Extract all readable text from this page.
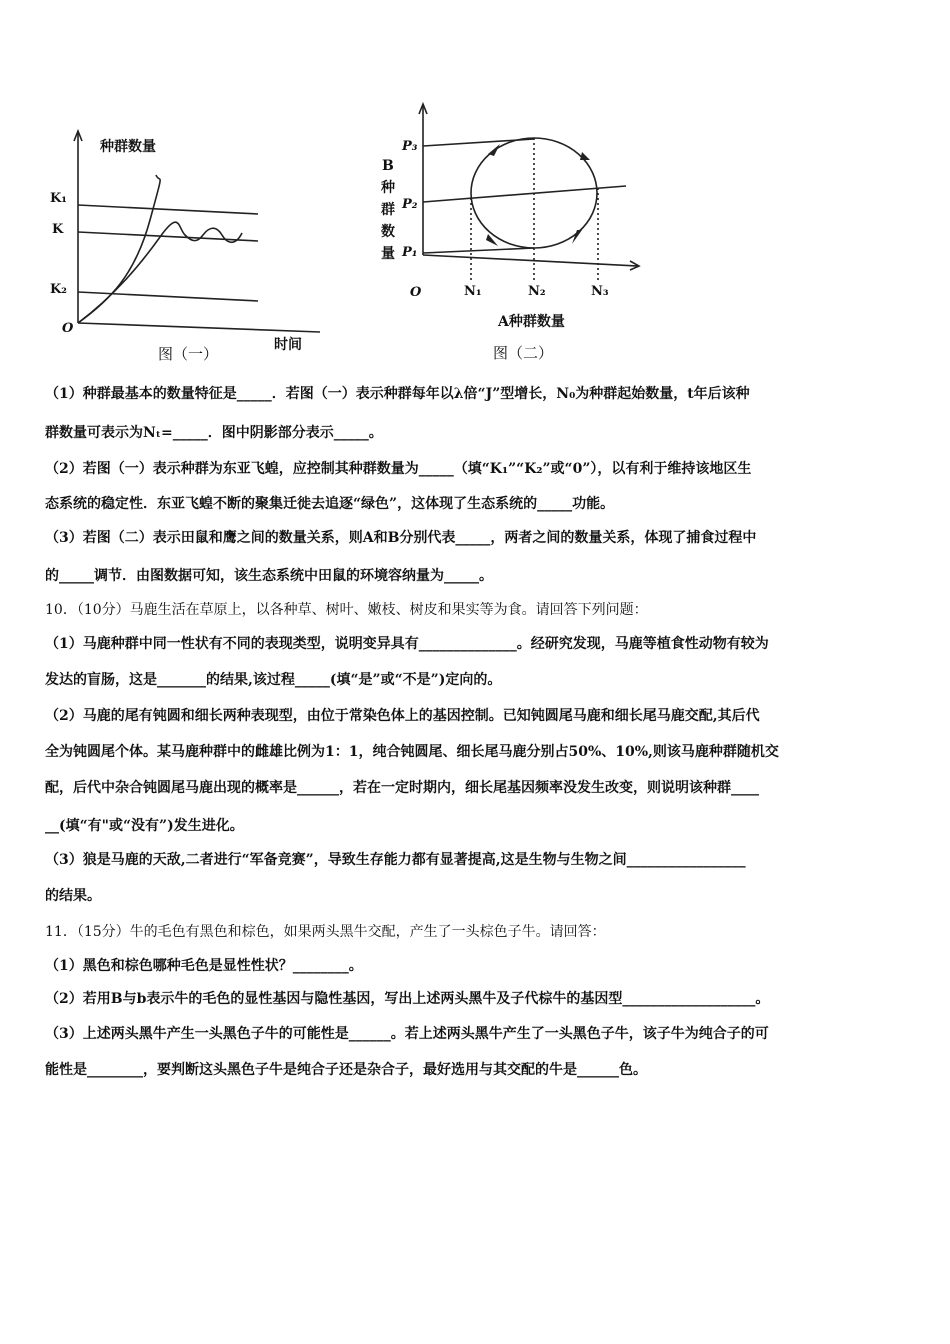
种群数量
K₁
K
K₂
O
时间
图（一）
B
种
群
数
量
P₃
P₂
P₁
O	N₁	N₂	N₃
A种群数量
图（二）
（1）种群最基本的数量特征是_____．若图（一）表示种群每年以λ倍“J”型增长，N₀为种群起始数量，t年后该种
群数量可表示为Nₜ=_____．图中阴影部分表示_____。
（2）若图（一）表示种群为东亚飞蝗，应控制其种群数量为_____（填“K₁”“K₂”或“0”），以有利于维持该地区生
态系统的稳定性．东亚飞蝗不断的聚集迁徙去追逐“绿色”，这体现了生态系统的_____功能。
（3）若图（二）表示田鼠和鹰之间的数量关系，则A和B分别代表_____，两者之间的数量关系，体现了捕食过程中
的_____调节．由图数据可知，该生态系统中田鼠的环境容纳量为_____。
10．（10分）马鹿生活在草原上，以各种草、树叶、嫩枝、树皮和果实等为食。请回答下列问题：
（1）马鹿种群中同一性状有不同的表现类型，说明变异具有______________。经研究发现，马鹿等植食性动物有较为
发达的盲肠，这是_______的结果,该过程_____(填“是”或“不是”)定向的。
（2）马鹿的尾有钝圆和细长两种表现型，由位于常染色体上的基因控制。已知钝圆尾马鹿和细长尾马鹿交配,其后代
全为钝圆尾个体。某马鹿种群中的雌雄比例为1：1，纯合钝圆尾、细长尾马鹿分别占50%、10%,则该马鹿种群随机交
配，后代中杂合钝圆尾马鹿出现的概率是______，若在一定时期内，细长尾基因频率没发生改变，则说明该种群____
__(填“有"或“没有”)发生进化。
（3）狼是马鹿的天敌,二者进行“军备竞赛”，导致生存能力都有显著提高,这是生物与生物之间_________________
的结果。
11．（15分）牛的毛色有黑色和棕色，如果两头黑牛交配，产生了一头棕色子牛。请回答：
（1）黑色和棕色哪种毛色是显性性状？________。
（2）若用B与b表示牛的毛色的显性基因与隐性基因，写出上述两头黑牛及子代棕牛的基因型___________________。
（3）上述两头黑牛产生一头黑色子牛的可能性是______。若上述两头黑牛产生了一头黑色子牛，该子牛为纯合子的可
能性是________，要判断这头黑色子牛是纯合子还是杂合子，最好选用与其交配的牛是______色。
